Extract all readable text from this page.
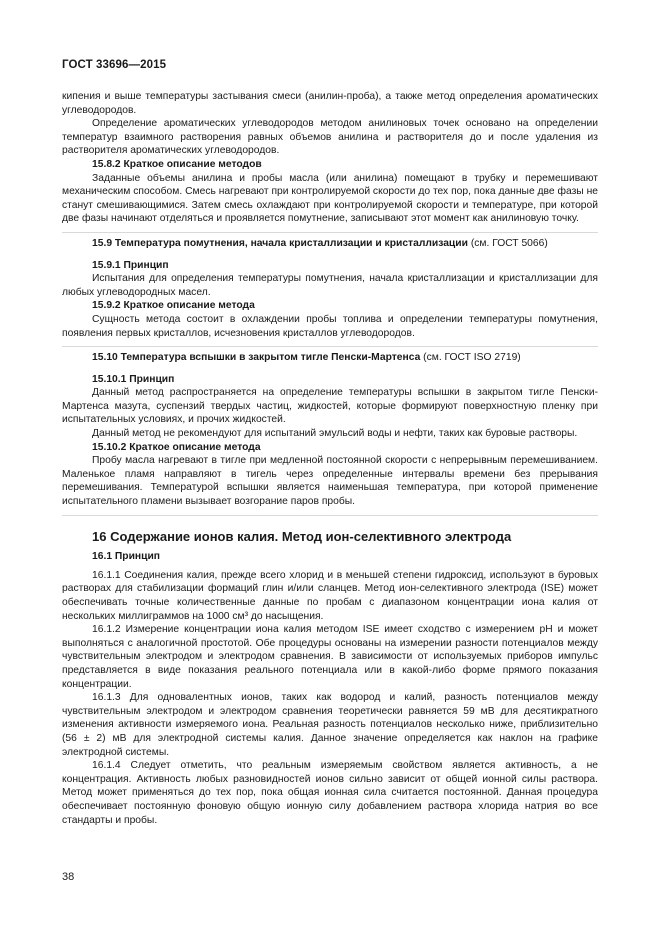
ГОСТ 33696—2015

кипения и выше температуры застывания смеси (анилин-проба), а также метод определения ароматических углеводородов.

Определение ароматических углеводородов методом анилиновых точек основано на определении температур взаимного растворения равных объемов анилина и растворителя до и после удаления из растворителя ароматических углеводородов.

15.8.2 Краткое описание методов

Заданные объемы анилина и пробы масла (или анилина) помещают в трубку и перемешивают механическим способом. Смесь нагревают при контролируемой скорости до тех пор, пока данные две фазы не станут смешивающимися. Затем смесь охлаждают при контролируемой скорости и температуре, при которой две фазы начинают отделяться и проявляется помутнение, записывают этот момент как анилиновую точку.

15.9 Температура помутнения, начала кристаллизации и кристаллизации (см. ГОСТ 5066)

15.9.1 Принцип

Испытания для определения температуры помутнения, начала кристаллизации и кристаллизации для любых углеводородных масел.

15.9.2 Краткое описание метода

Сущность метода состоит в охлаждении пробы топлива и определении температуры помутнения, появления первых кристаллов, исчезновения кристаллов углеводородов.

15.10 Температура вспышки в закрытом тигле Пенски-Мартенса (см. ГОСТ ISO 2719)

15.10.1 Принцип

Данный метод распространяется на определение температуры вспышки в закрытом тигле Пенски-Мартенса мазута, суспензий твердых частиц, жидкостей, которые формируют поверхностную пленку при испытательных условиях, и прочих жидкостей.

Данный метод не рекомендуют для испытаний эмульсий воды и нефти, таких как буровые растворы.

15.10.2 Краткое описание метода

Пробу масла нагревают в тигле при медленной постоянной скорости с непрерывным перемешиванием. Маленькое пламя направляют в тигель через определенные интервалы времени без прерывания перемешивания. Температурой вспышки является наименьшая температура, при которой применение испытательного пламени вызывает возгорание паров пробы.

16 Содержание ионов калия. Метод ион-селективного электрода

16.1 Принцип

16.1.1 Соединения калия, прежде всего хлорид и в меньшей степени гидроксид, используют в буровых растворах для стабилизации формаций глин и/или сланцев. Метод ион-селективного электрода (ISE) может обеспечивать точные количественные данные по пробам с диапазоном концентрации иона калия от нескольких миллиграммов на 1000 см³ до насыщения.

16.1.2 Измерение концентрации иона калия методом ISE имеет сходство с измерением рН и может выполняться с аналогичной простотой. Обе процедуры основаны на измерении разности потенциалов между чувствительным электродом и электродом сравнения. В зависимости от используемых приборов импульс представляется в виде показания реального потенциала или в какой-либо форме прямого показания концентрации.

16.1.3 Для одновалентных ионов, таких как водород и калий, разность потенциалов между чувствительным электродом и электродом сравнения теоретически равняется 59 мВ для десятикратного изменения активности измеряемого иона. Реальная разность потенциалов несколько ниже, приблизительно (56 ± 2) мВ для электродной системы калия. Данное значение определяется как наклон на графике электродной системы.

16.1.4 Следует отметить, что реальным измеряемым свойством является активность, а не концентрация. Активность любых разновидностей ионов сильно зависит от общей ионной силы раствора. Метод может применяться до тех пор, пока общая ионная сила считается постоянной. Данная процедура обеспечивает постоянную фоновую общую ионную силу добавлением раствора хлорида натрия во все стандарты и пробы.

38
